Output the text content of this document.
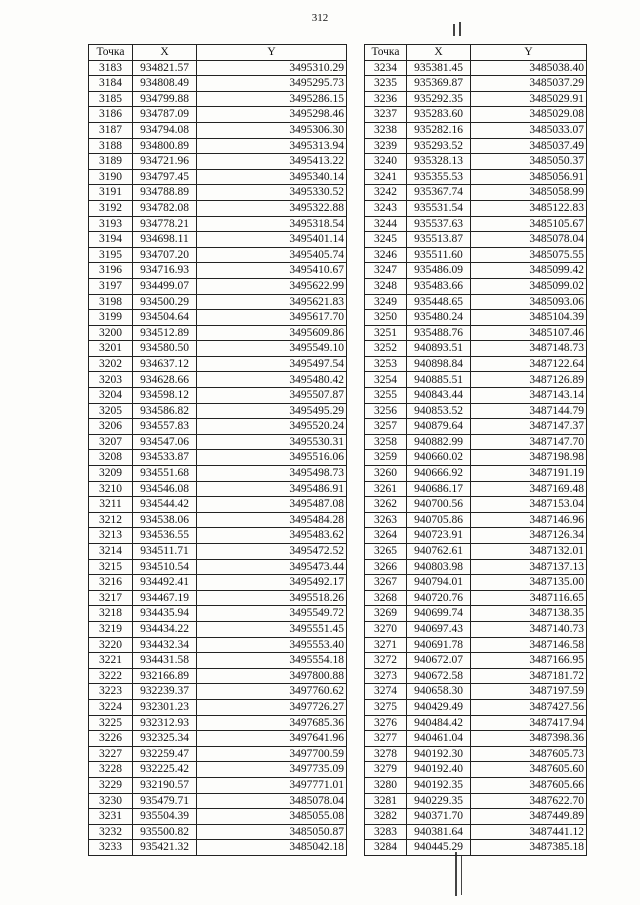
312
Точка	X	Y
3183	934821.57	3495310.29
3184	934808.49	3495295.73
3185	934799.88	3495286.15
3186	934787.09	3495298.46
3187	934794.08	3495306.30
3188	934800.89	3495313.94
3189	934721.96	3495413.22
3190	934797.45	3495340.14
3191	934788.89	3495330.52
3192	934782.08	3495322.88
3193	934778.21	3495318.54
3194	934698.11	3495401.14
3195	934707.20	3495405.74
3196	934716.93	3495410.67
3197	934499.07	3495622.99
3198	934500.29	3495621.83
3199	934504.64	3495617.70
3200	934512.89	3495609.86
3201	934580.50	3495549.10
3202	934637.12	3495497.54
3203	934628.66	3495480.42
3204	934598.12	3495507.87
3205	934586.82	3495495.29
3206	934557.83	3495520.24
3207	934547.06	3495530.31
3208	934533.87	3495516.06
3209	934551.68	3495498.73
3210	934546.08	3495486.91
3211	934544.42	3495487.08
3212	934538.06	3495484.28
3213	934536.55	3495483.62
3214	934511.71	3495472.52
3215	934510.54	3495473.44
3216	934492.41	3495492.17
3217	934467.19	3495518.26
3218	934435.94	3495549.72
3219	934434.22	3495551.45
3220	934432.34	3495553.40
3221	934431.58	3495554.18
3222	932166.89	3497800.88
3223	932239.37	3497760.62
3224	932301.23	3497726.27
3225	932312.93	3497685.36
3226	932325.34	3497641.96
3227	932259.47	3497700.59
3228	932225.42	3497735.09
3229	932190.57	3497771.01
3230	935479.71	3485078.04
3231	935504.39	3485055.08
3232	935500.82	3485050.87
3233	935421.32	3485042.18
Точка	X	Y
3234	935381.45	3485038.40
3235	935369.87	3485037.29
3236	935292.35	3485029.91
3237	935283.60	3485029.08
3238	935282.16	3485033.07
3239	935293.52	3485037.49
3240	935328.13	3485050.37
3241	935355.53	3485056.91
3242	935367.74	3485058.99
3243	935531.54	3485122.83
3244	935537.63	3485105.67
3245	935513.87	3485078.04
3246	935511.60	3485075.55
3247	935486.09	3485099.42
3248	935483.66	3485099.02
3249	935448.65	3485093.06
3250	935480.24	3485104.39
3251	935488.76	3485107.46
3252	940893.51	3487148.73
3253	940898.84	3487122.64
3254	940885.51	3487126.89
3255	940843.44	3487143.14
3256	940853.52	3487144.79
3257	940879.64	3487147.37
3258	940882.99	3487147.70
3259	940660.02	3487198.98
3260	940666.92	3487191.19
3261	940686.17	3487169.48
3262	940700.56	3487153.04
3263	940705.86	3487146.96
3264	940723.91	3487126.34
3265	940762.61	3487132.01
3266	940803.98	3487137.13
3267	940794.01	3487135.00
3268	940720.76	3487116.65
3269	940699.74	3487138.35
3270	940697.43	3487140.73
3271	940691.78	3487146.58
3272	940672.07	3487166.95
3273	940672.58	3487181.72
3274	940658.30	3487197.59
3275	940429.49	3487427.56
3276	940484.42	3487417.94
3277	940461.04	3487398.36
3278	940192.30	3487605.73
3279	940192.40	3487605.60
3280	940192.35	3487605.66
3281	940229.35	3487622.70
3282	940371.70	3487449.89
3283	940381.64	3487441.12
3284	940445.29	3487385.18
